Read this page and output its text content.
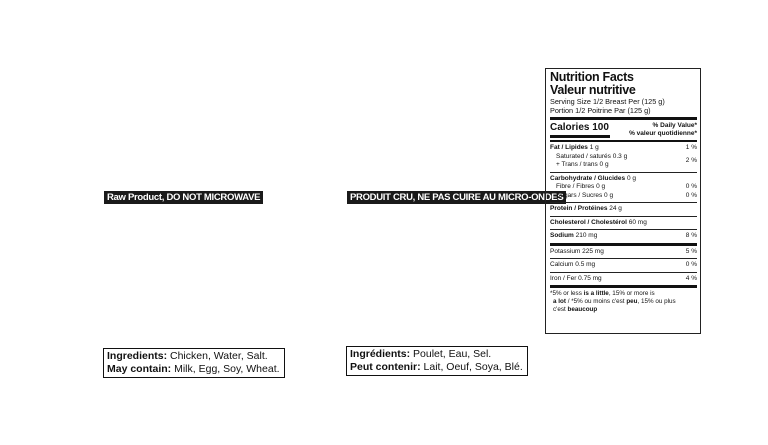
Raw Product, DO NOT MICROWAVE	PRODUIT CRU, NE PAS CUIRE AU MICRO-ONDES
Ingredients: Chicken, Water, Salt.
May contain: Milk, Egg, Soy, Wheat.
Ingrédients: Poulet, Eau, Sel.
Peut contenir: Lait, Oeuf, Soya, Blé.
Nutrition Facts
Valeur nutritive
Serving Size 1/2 Breast Per (125 g)
Portion 1/2 Poitrine Par (125 g)
Calories 100	% Daily Value*
% valeur quotidienne*
Fat / Lipides 1 g	1 %
Saturated / saturés 0.3 g
+ Trans / trans 0 g
2 %
Carbohydrate / Glucides 0 g
Fibre / Fibres 0 g	0 %
Sugars / Sucres 0 g	0 %
Protein / Protéines 24 g
Cholesterol / Cholestérol 60 mg
Sodium 210 mg	8 %
Potassium 225 mg	5 %
Calcium 0.5 mg	0 %
Iron / Fer 0.75 mg	4 %
*5% or less is a little, 15% or more is
a lot / *5% ou moins c'est peu, 15% ou plus
c'est beaucoup
